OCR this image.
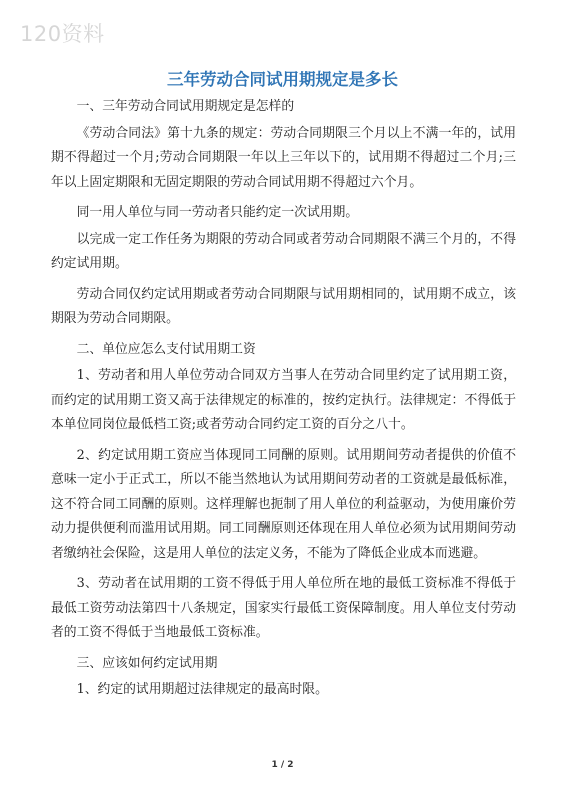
120资料
三年劳动合同试用期规定是多长

一、三年劳动合同试用期规定是怎样的

《劳动合同法》第十九条的规定：劳动合同期限三个月以上不满一年的，试用期不得超过一个月;劳动合同期限一年以上三年以下的，试用期不得超过二个月;三年以上固定期限和无固定期限的劳动合同试用期不得超过六个月。

同一用人单位与同一劳动者只能约定一次试用期。

以完成一定工作任务为期限的劳动合同或者劳动合同期限不满三个月的，不得约定试用期。

劳动合同仅约定试用期或者劳动合同期限与试用期相同的，试用期不成立，该期限为劳动合同期限。

二、单位应怎么支付试用期工资

1、劳动者和用人单位劳动合同双方当事人在劳动合同里约定了试用期工资，而约定的试用期工资又高于法律规定的标准的，按约定执行。法律规定：不得低于本单位同岗位最低档工资;或者劳动合同约定工资的百分之八十。

2、约定试用期工资应当体现同工同酬的原则。试用期间劳动者提供的价值不意味一定小于正式工，所以不能当然地认为试用期间劳动者的工资就是最低标准，这不符合同工同酬的原则。这样理解也扼制了用人单位的利益驱动，为使用廉价劳动力提供便利而滥用试用期。同工同酬原则还体现在用人单位必须为试用期间劳动者缴纳社会保险，这是用人单位的法定义务，不能为了降低企业成本而逃避。

3、劳动者在试用期的工资不得低于用人单位所在地的最低工资标准不得低于最低工资劳动法第四十八条规定，国家实行最低工资保障制度。用人单位支付劳动者的工资不得低于当地最低工资标准。

三、应该如何约定试用期

1、约定的试用期超过法律规定的最高时限。

1 / 2
